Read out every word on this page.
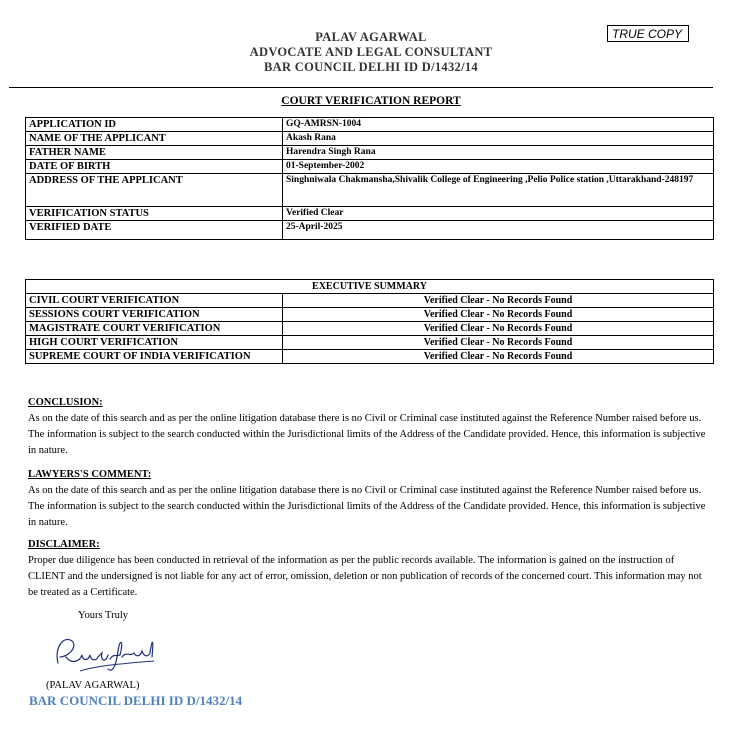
PALAV AGARWAL
ADVOCATE AND LEGAL CONSULTANT
BAR COUNCIL DELHI ID D/1432/14
TRUE COPY
COURT VERIFICATION REPORT
APPLICATION ID	GQ-AMRSN-1004
NAME OF THE APPLICANT	Akash Rana
FATHER NAME	Harendra Singh Rana
DATE OF BIRTH	01-September-2002
ADDRESS OF THE APPLICANT	Singhniwala Chakmansha,Shivalik College of Engineering ,Pelio Police station ,Uttarakhand-248197
VERIFICATION STATUS	Verified Clear
VERIFIED DATE	25-April-2025
EXECUTIVE SUMMARY	
CIVIL COURT VERIFICATION	Verified Clear - No Records Found
SESSIONS COURT VERIFICATION	Verified Clear - No Records Found
MAGISTRATE COURT VERIFICATION	Verified Clear - No Records Found
HIGH COURT VERIFICATION	Verified Clear - No Records Found
SUPREME COURT OF INDIA VERIFICATION	Verified Clear - No Records Found
CONCLUSION:
As on the date of this search and as per the online litigation database there is no Civil or Criminal case instituted against the Reference Number raised before us. The information is subject to the search conducted within the Jurisdictional limits of the Address of the Candidate provided. Hence, this information is subjective in nature.
LAWYERS'S COMMENT:
As on the date of this search and as per the online litigation database there is no Civil or Criminal case instituted against the Reference Number raised before us. The information is subject to the search conducted within the Jurisdictional limits of the Address of the Candidate provided. Hence, this information is subjective in nature.
DISCLAIMER:
Proper due diligence has been conducted in retrieval of the information as per the public records available. The information is gained on the instruction of CLIENT and the undersigned is not liable for any act of error, omission, deletion or non publication of records of the concerned court. This information may not be treated as a Certificate.
Yours Truly
(PALAV AGARWAL)
BAR COUNCIL DELHI ID D/1432/14
